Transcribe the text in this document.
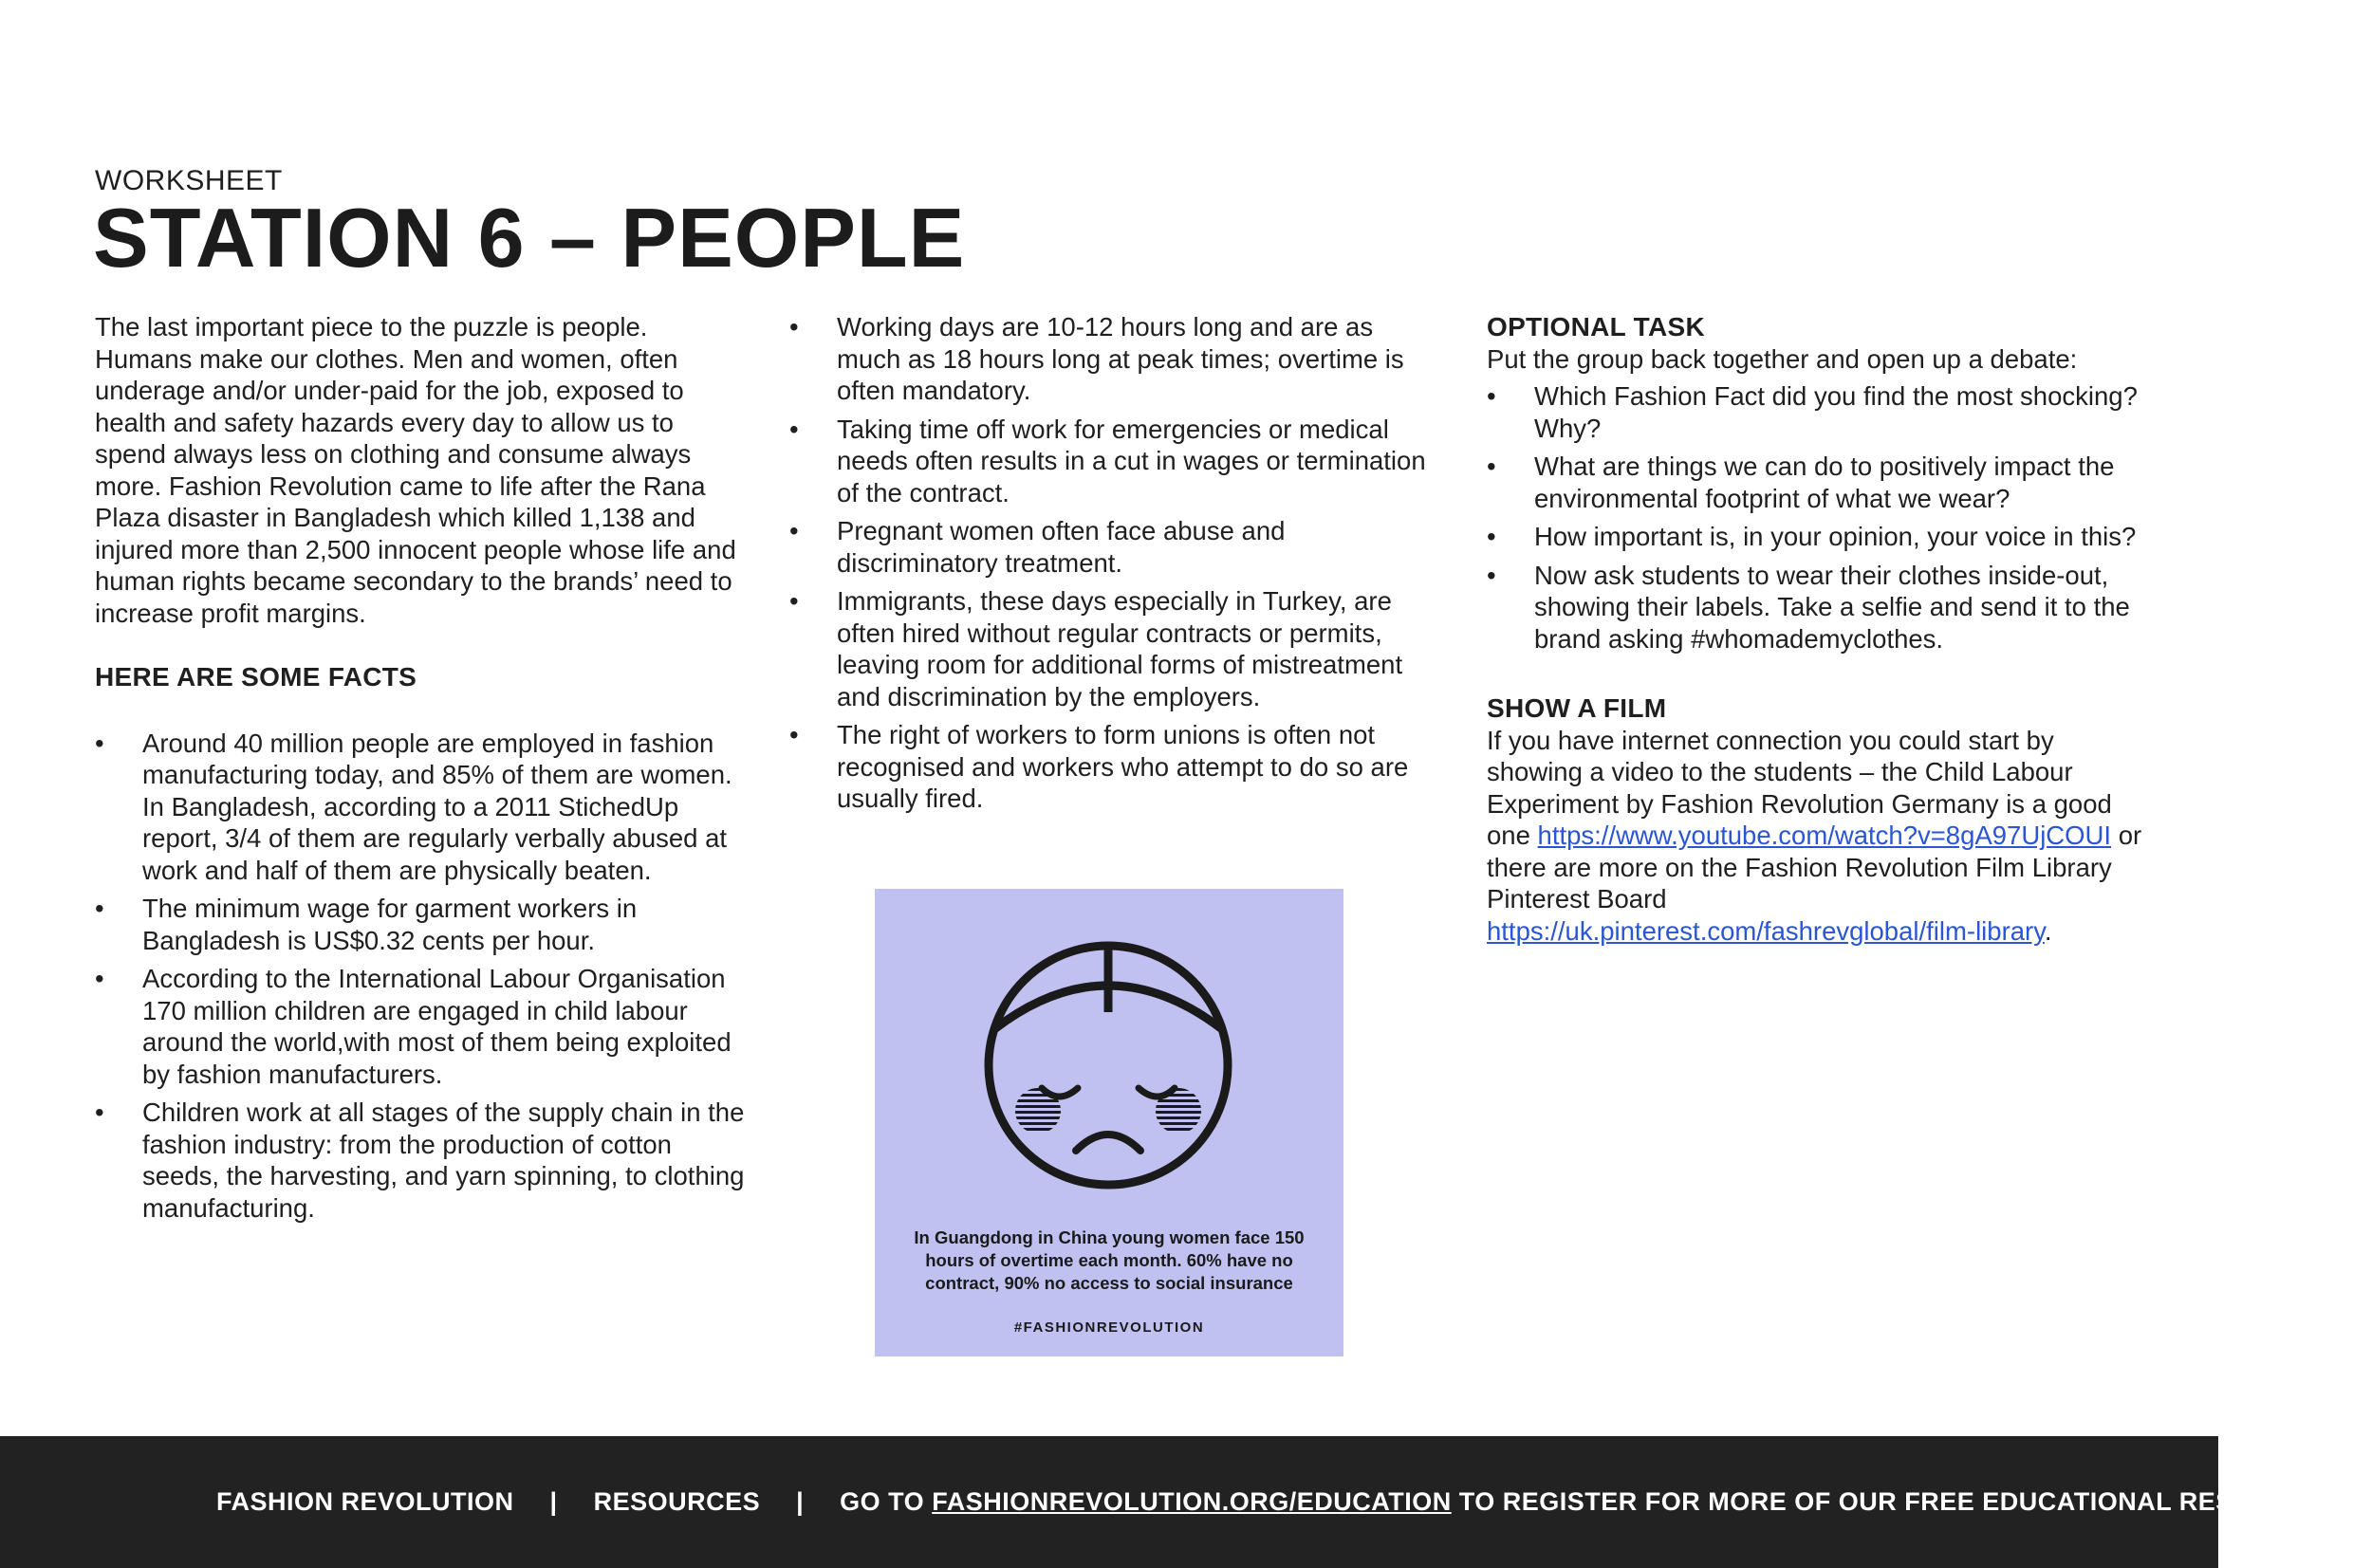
WORKSHEET
STATION 6 – PEOPLE

The last important piece to the puzzle is people. Humans make our clothes. Men and women, often underage and/or under-paid for the job, exposed to health and safety hazards every day to allow us to spend always less on clothing and consume always more. Fashion Revolution came to life after the Rana Plaza disaster in Bangladesh which killed 1,138 and injured more than 2,500 innocent people whose life and human rights became secondary to the brands’ need to increase profit margins.

HERE ARE SOME FACTS

• Around 40 million people are employed in fashion manufacturing today, and 85% of them are women. In Bangladesh, according to a 2011 StichedUp report, 3/4 of them are regularly verbally abused at work and half of them are physically beaten.
• The minimum wage for garment workers in Bangladesh is US$0.32 cents per hour.
• According to the International Labour Organisation 170 million children are engaged in child labour around the world,with most of them being exploited by fashion manufacturers.
• Children work at all stages of the supply chain in the fashion industry: from the production of cotton seeds, the harvesting, and yarn spinning, to clothing manufacturing.
• Working days are 10-12 hours long and are as much as 18 hours long at peak times; overtime is often mandatory.
• Taking time off work for emergencies or medical needs often results in a cut in wages or termination of the contract.
• Pregnant women often face abuse and discriminatory treatment.
• Immigrants, these days especially in Turkey, are often hired without regular contracts or permits, leaving room for additional forms of mistreatment and discrimination by the employers.
• The right of workers to form unions is often not recognised and workers who attempt to do so are usually fired.
In Guangdong in China young women face 150 hours of overtime each month. 60% have no contract, 90% no access to social insurance
#FASHIONREVOLUTION

OPTIONAL TASK

Put the group back together and open up a debate:

• Which Fashion Fact did you find the most shocking? Why?
• What are things we can do to positively impact the environmental footprint of what we wear?
• How important is, in your opinion, your voice in this?
• Now ask students to wear their clothes inside-out, showing their labels. Take a selfie and send it to the brand asking #whomademyclothes.

SHOW A FILM

If you have internet connection you could start by showing a video to the students – the Child Labour Experiment by Fashion Revolution Germany is a good one https://www.youtube.com/watch?v=8gA97UjCOUI or there are more on the Fashion Revolution Film Library Pinterest Board https://uk.pinterest.com/fashrevglobal/film-library.

FASHION REVOLUTION | RESOURCES | GO TO FASHIONREVOLUTION.ORG/EDUCATION TO REGISTER FOR MORE OF OUR FREE EDUCATIONAL RESOURCES.
